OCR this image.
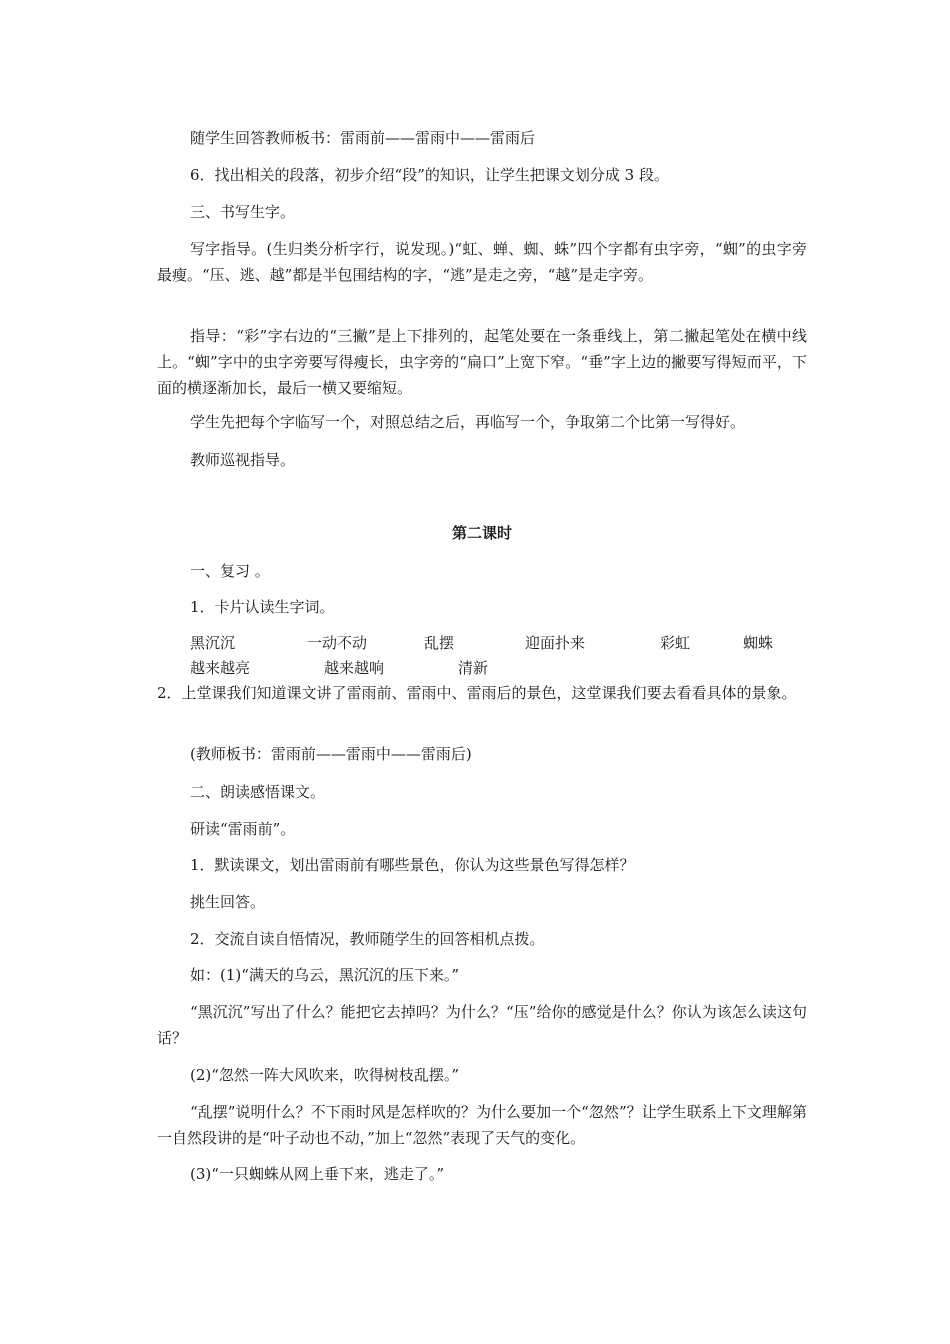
随学生回答教师板书：雷雨前——雷雨中——雷雨后
6．找出相关的段落，初步介绍“段”的知识，让学生把课文划分成 3 段。
三、书写生字。
写字指导。(生归类分析字行，说发现。)“虹、蝉、蜘、蛛”四个字都有虫字旁，“蜘”的虫字旁最瘦。“压、逃、越”都是半包围结构的字，“逃”是走之旁，“越”是走字旁。
指导：“彩”字右边的“三撇”是上下排列的，起笔处要在一条垂线上，第二撇起笔处在横中线上。“蜘”字中的虫字旁要写得瘦长，虫字旁的“扁口”上宽下窄。“垂”字上边的撇要写得短而平，下面的横逐渐加长，最后一横又要缩短。
学生先把每个字临写一个，对照总结之后，再临写一个，争取第二个比第一写得好。
教师巡视指导。
第二课时
一、复习 。
1．卡片认读生字词。
黑沉沉	一动不动	乱摆	迎面扑来	彩虹	蜘蛛
越来越亮	越来越响	清新
2．上堂课我们知道课文讲了雷雨前、雷雨中、雷雨后的景色，这堂课我们要去看看具体的景象。
(教师板书：雷雨前——雷雨中——雷雨后)
二、朗读感悟课文。
研读“雷雨前”。
1．默读课文，划出雷雨前有哪些景色，你认为这些景色写得怎样？
挑生回答。
2．交流自读自悟情况，教师随学生的回答相机点拨。
如：(1)“满天的乌云，黑沉沉的压下来。”
“黑沉沉”写出了什么？能把它去掉吗？为什么？“压”给你的感觉是什么？你认为该怎么读这句话？
(2)“忽然一阵大风吹来，吹得树枝乱摆。”
“乱摆”说明什么？不下雨时风是怎样吹的？为什么要加一个“忽然”？让学生联系上下文理解第一自然段讲的是“叶子动也不动，”加上“忽然”表现了天气的变化。
(3)“一只蜘蛛从网上垂下来，逃走了。”
